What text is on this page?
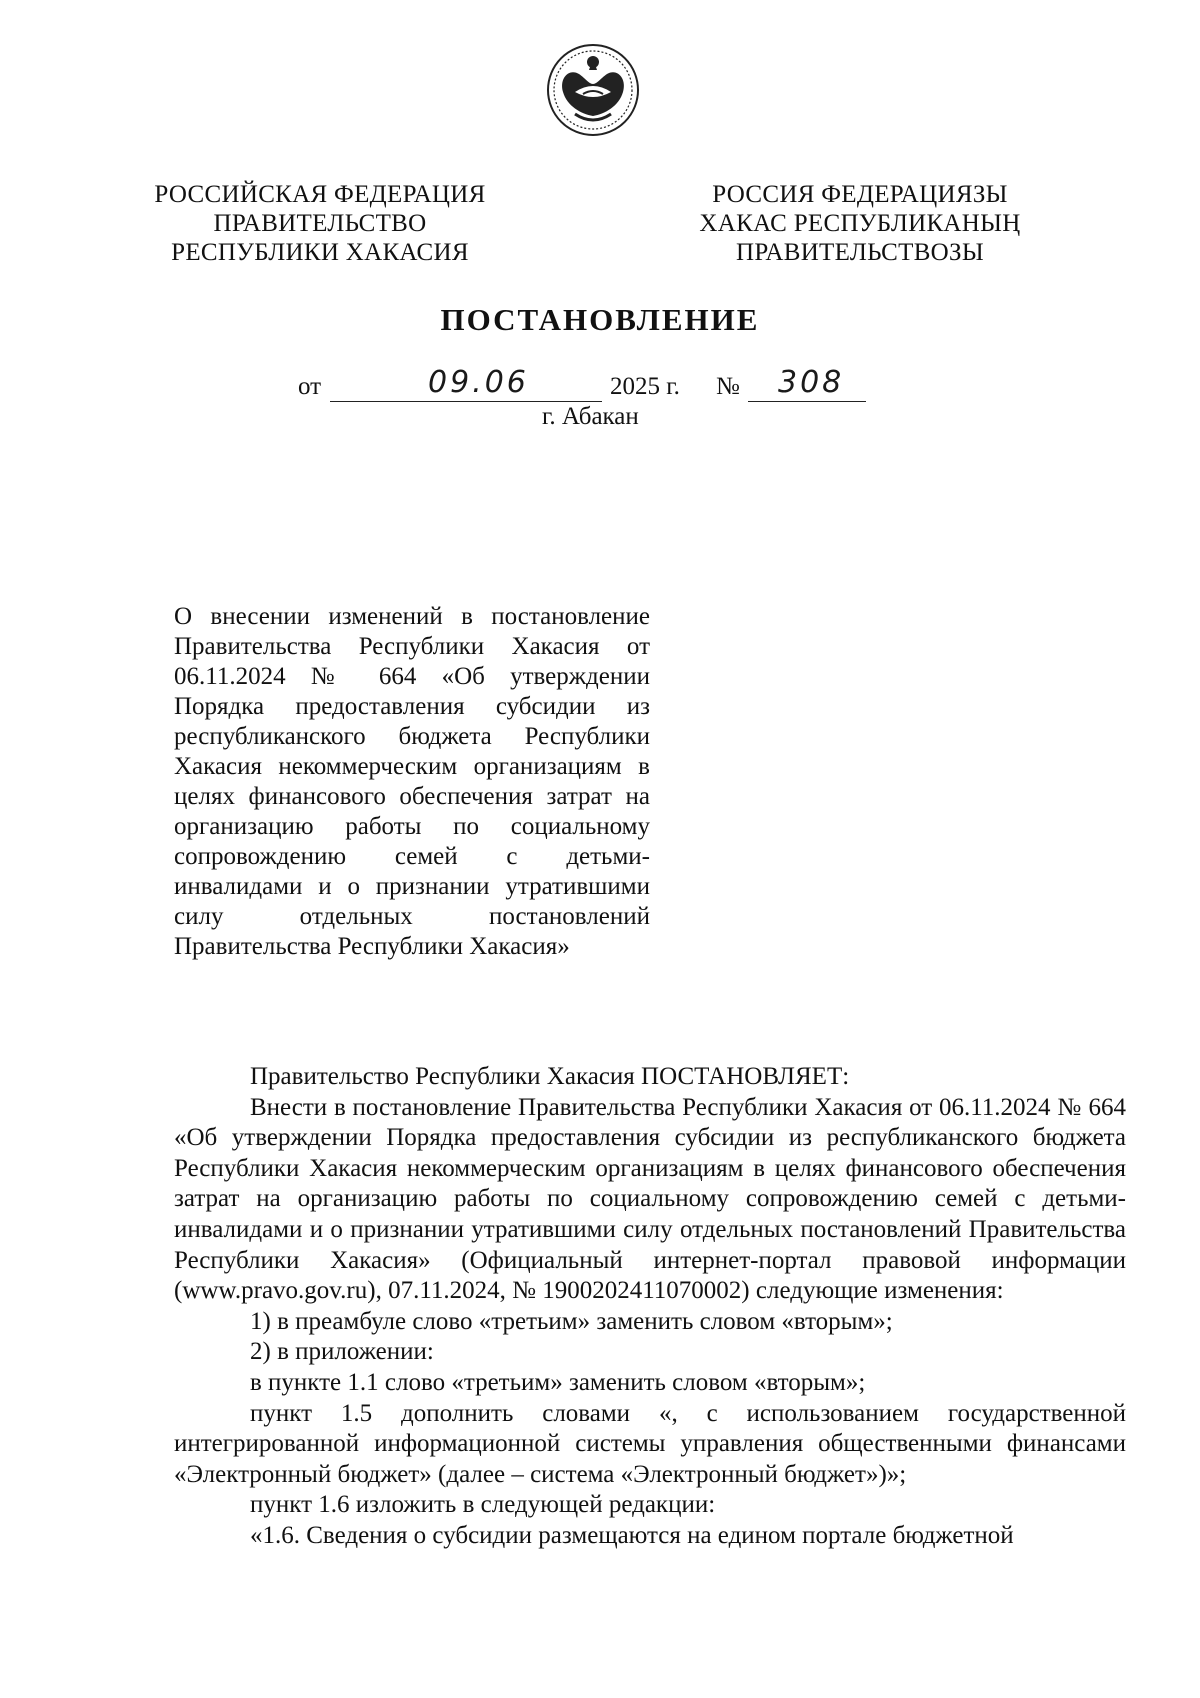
РОССИЙСКАЯ ФЕДЕРАЦИЯ
ПРАВИТЕЛЬСТВО
РЕСПУБЛИКИ ХАКАСИЯ
РОССИЯ ФЕДЕРАЦИЯЗЫ
ХАКАС РЕСПУБЛИКАНЫҢ
ПРАВИТЕЛЬСТВОЗЫ
ПОСТАНОВЛЕНИЕ
от	09.06	2025 г. № 308
г. Абакан
О внесении изменений в постановление Правительства Республики Хакасия от 06.11.2024 № 664 «Об утверждении Порядка предоставления субсидии из республиканского бюджета Республики Хакасия некоммерческим организациям в целях финансового обеспечения затрат на организацию работы по социальному сопровождению семей с детьми-инвалидами и о признании утратившими силу отдельных постановлений Правительства Республики Хакасия»

Правительство Республики Хакасия ПОСТАНОВЛЯЕТ:

Внести в постановление Правительства Республики Хакасия от 06.11.2024 № 664 «Об утверждении Порядка предоставления субсидии из республиканского бюджета Республики Хакасия некоммерческим организациям в целях финансового обеспечения затрат на организацию работы по социальному сопровождению семей с детьми-инвалидами и о признании утратившими силу отдельных постановлений Правительства Республики Хакасия» (Официальный интернет-портал правовой информации (www.pravo.gov.ru), 07.11.2024, № 1900202411070002) следующие изменения:

1) в преамбуле слово «третьим» заменить словом «вторым»;

2) в приложении:

в пункте 1.1 слово «третьим» заменить словом «вторым»;

пункт 1.5 дополнить словами «, с использованием государственной интегрированной информационной системы управления общественными финансами «Электронный бюджет» (далее – система «Электронный бюджет»)»;

пункт 1.6 изложить в следующей редакции:

«1.6. Сведения о субсидии размещаются на едином портале бюджетной
